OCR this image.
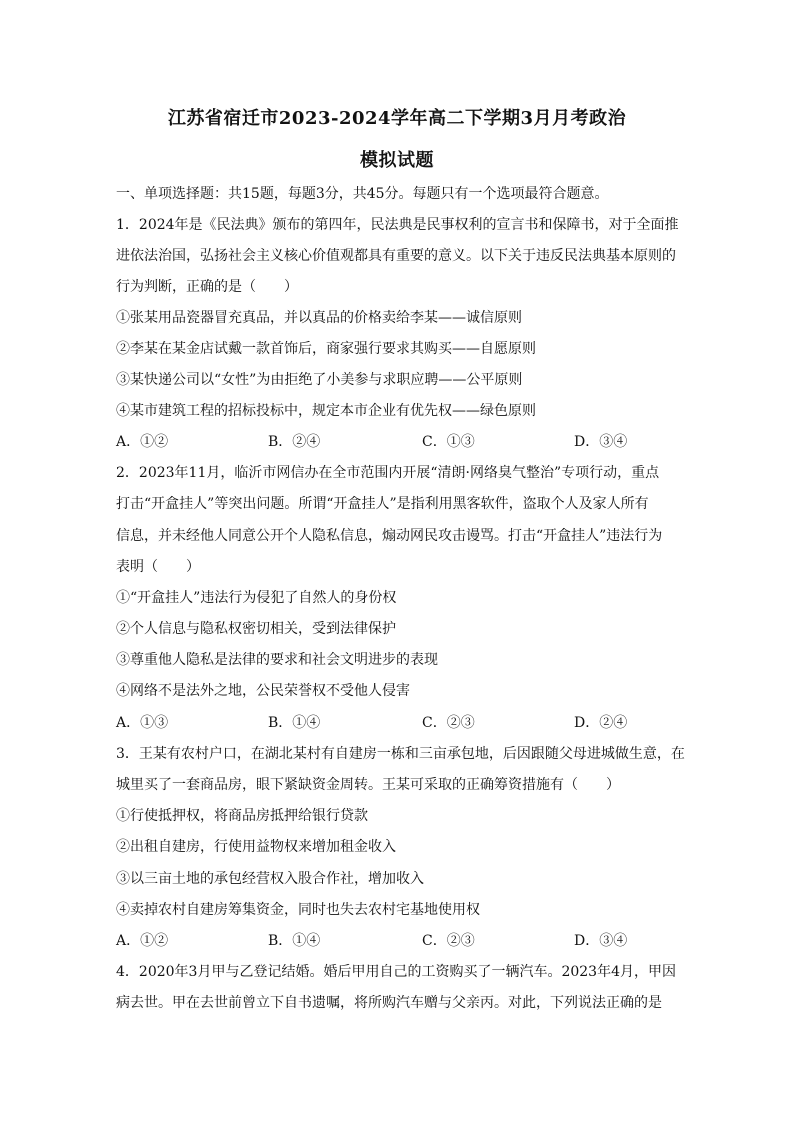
江苏省宿迁市2023-2024学年高二下学期3月月考政治
模拟试题
一、单项选择题：共15题，每题3分，共45分。每题只有一个选项最符合题意。
1．2024年是《民法典》颁布的第四年，民法典是民事权利的宣言书和保障书，对于全面推
进依法治国，弘扬社会主义核心价值观都具有重要的意义。以下关于违反民法典基本原则的
行为判断，正确的是（　　）
①张某用品瓷器冒充真品，并以真品的价格卖给李某——诚信原则
②李某在某金店试戴一款首饰后，商家强行要求其购买——自愿原则
③某快递公司以“女性”为由拒绝了小美参与求职应聘——公平原则
④某市建筑工程的招标投标中，规定本市企业有优先权——绿色原则
A．①②	B．②④	C．①③	D．③④
2．2023年11月，临沂市网信办在全市范围内开展“清朗·网络臭气整治”专项行动，重点
打击“开盒挂人”等突出问题。所谓“开盒挂人”是指利用黑客软件，盗取个人及家人所有
信息，并未经他人同意公开个人隐私信息，煽动网民攻击谩骂。打击“开盒挂人”违法行为
表明（　　）
①“开盒挂人”违法行为侵犯了自然人的身份权
②个人信息与隐私权密切相关，受到法律保护
③尊重他人隐私是法律的要求和社会文明进步的表现
④网络不是法外之地，公民荣誉权不受他人侵害
A．①③	B．①④	C．②③	D．②④
3．王某有农村户口，在湖北某村有自建房一栋和三亩承包地，后因跟随父母进城做生意，在
城里买了一套商品房，眼下紧缺资金周转。王某可采取的正确筹资措施有（　　）
①行使抵押权，将商品房抵押给银行贷款
②出租自建房，行使用益物权来增加租金收入
③以三亩土地的承包经营权入股合作社，增加收入
④卖掉农村自建房筹集资金，同时也失去农村宅基地使用权
A．①②	B．①④	C．②③	D．③④
4．2020年3月甲与乙登记结婚。婚后甲用自己的工资购买了一辆汽车。2023年4月，甲因
病去世。甲在去世前曾立下自书遗嘱，将所购汽车赠与父亲丙。对此，下列说法正确的是
